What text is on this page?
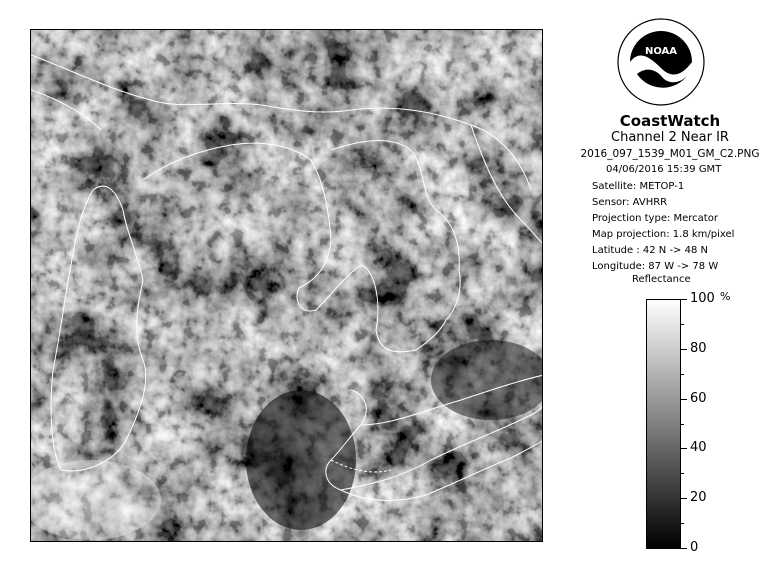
NOAA
CoastWatch
Channel 2 Near IR
2016_097_1539_M01_GM_C2.PNG
04/06/2016 15:39 GMT
Satellite: METOP-1
Sensor: AVHRR
Projection type: Mercator
Map projection: 1.8 km/pixel
Latitude : 42 N -> 48 N
Longitude: 87 W -> 78 W
Reflectance
100
80
60
40
20
0
%
